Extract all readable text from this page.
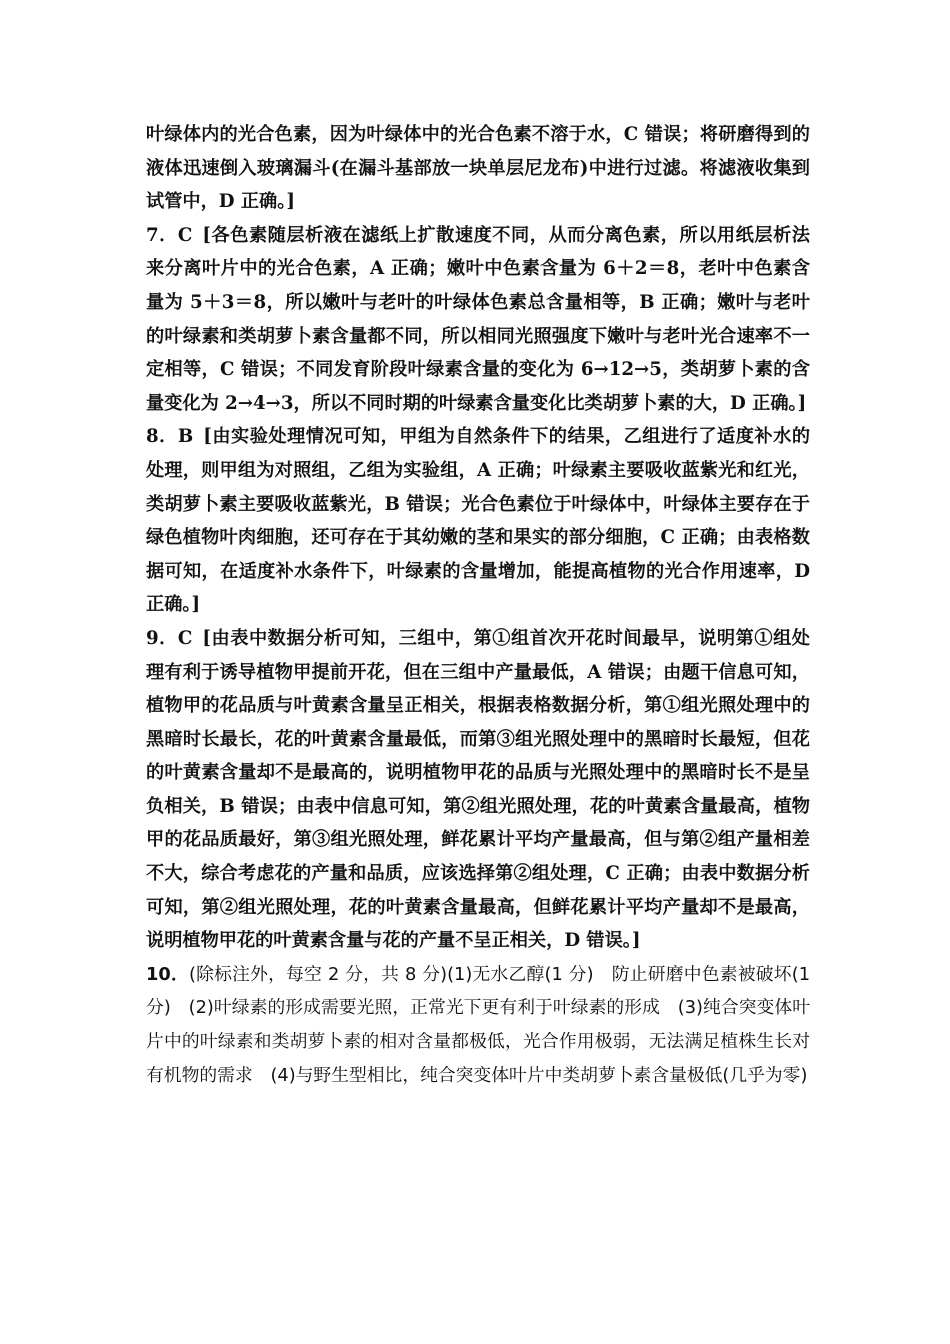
叶绿体内的光合色素，因为叶绿体中的光合色素不溶于水，C 错误；将研磨得到的液体迅速倒入玻璃漏斗(在漏斗基部放一块单层尼龙布)中进行过滤。将滤液收集到试管中，D 正确。]

7．C [各色素随层析液在滤纸上扩散速度不同，从而分离色素，所以用纸层析法来分离叶片中的光合色素，A 正确；嫩叶中色素含量为 6＋2＝8，老叶中色素含量为 5＋3＝8，所以嫩叶与老叶的叶绿体色素总含量相等，B 正确；嫩叶与老叶的叶绿素和类胡萝卜素含量都不同，所以相同光照强度下嫩叶与老叶光合速率不一定相等，C 错误；不同发育阶段叶绿素含量的变化为 6→12→5，类胡萝卜素的含量变化为 2→4→3，所以不同时期的叶绿素含量变化比类胡萝卜素的大，D 正确。]

8．B [由实验处理情况可知，甲组为自然条件下的结果，乙组进行了适度补水的处理，则甲组为对照组，乙组为实验组，A 正确；叶绿素主要吸收蓝紫光和红光，类胡萝卜素主要吸收蓝紫光，B 错误；光合色素位于叶绿体中，叶绿体主要存在于绿色植物叶肉细胞，还可存在于其幼嫩的茎和果实的部分细胞，C 正确；由表格数据可知，在适度补水条件下，叶绿素的含量增加，能提高植物的光合作用速率，D 正确。]

9．C [由表中数据分析可知，三组中，第①组首次开花时间最早，说明第①组处理有利于诱导植物甲提前开花，但在三组中产量最低，A 错误；由题干信息可知，植物甲的花品质与叶黄素含量呈正相关，根据表格数据分析，第①组光照处理中的黑暗时长最长，花的叶黄素含量最低，而第③组光照处理中的黑暗时长最短，但花的叶黄素含量却不是最高的，说明植物甲花的品质与光照处理中的黑暗时长不是呈负相关，B 错误；由表中信息可知，第②组光照处理，花的叶黄素含量最高，植物甲的花品质最好，第③组光照处理，鲜花累计平均产量最高，但与第②组产量相差不大，综合考虑花的产量和品质，应该选择第②组处理，C 正确；由表中数据分析可知，第②组光照处理，花的叶黄素含量最高，但鲜花累计平均产量却不是最高，说明植物甲花的叶黄素含量与花的产量不呈正相关，D 错误。]

10．(除标注外，每空 2 分，共 8 分)(1)无水乙醇(1 分)　防止研磨中色素被破坏(1 分)　(2)叶绿素的形成需要光照，正常光下更有利于叶绿素的形成　(3)纯合突变体叶片中的叶绿素和类胡萝卜素的相对含量都极低，光合作用极弱，无法满足植株生长对有机物的需求　(4)与野生型相比，纯合突变体叶片中类胡萝卜素含量极低(几乎为零)
